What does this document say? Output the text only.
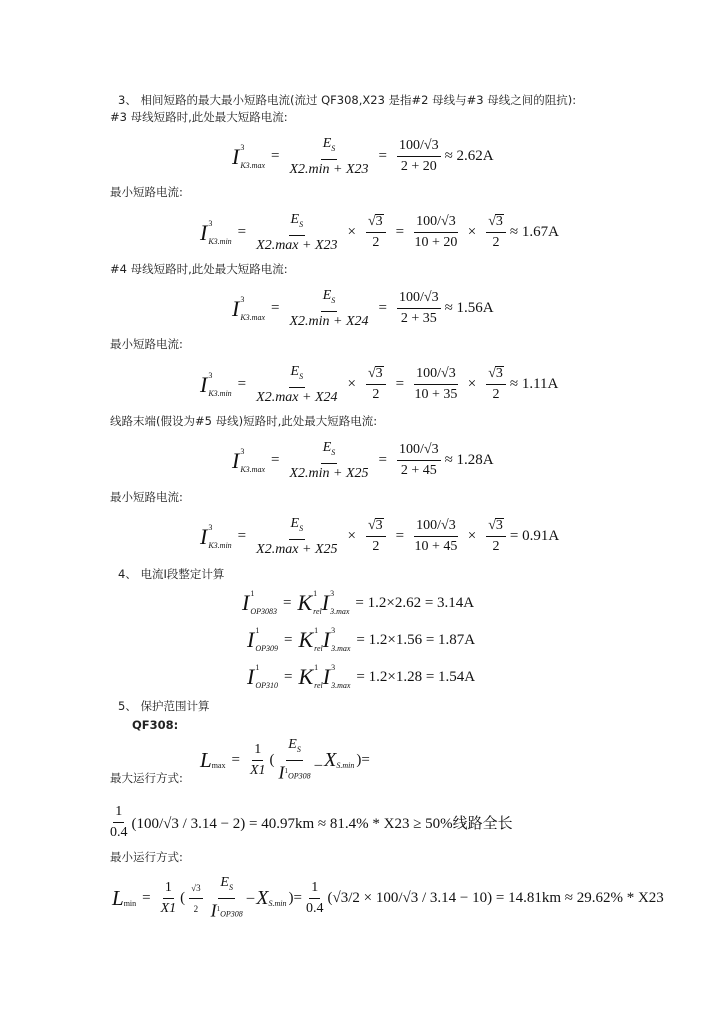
3、 相间短路的最大最小短路电流(流过 QF308,X23 是指#2 母线与#3 母线之间的阻抗):
#3 母线短路时,此处最大短路电流:
I 3
K3.max
= $\frac{E_S}{X2.\min + X23} = \frac{100/√3}{2 + 20} \approx 2.62A$
最小短路电流:
I 3
K3.min
= $\frac{E_S}{X2.\max + X23} \times \frac{√3}{2} = \frac{100/√3}{10 + 20} \times \frac{√3}{2} \approx 1.67A$
#4 母线短路时,此处最大短路电流:
I 3
K3.max
= $\frac{E_S}{X2.\min + X24} = \frac{100/√3}{2 + 35} \approx 1.56A$
最小短路电流:
I 3
K3.min
= $\frac{E_S}{X2.\max + X24} \times \frac{√3}{2} = \frac{100/√3}{10 + 35} \times \frac{√3}{2} \approx 1.11A$
线路末端(假设为#5 母线)短路时,此处最大短路电流:
I 3
K3.max
= $\frac{E_S}{X2.\min + X25} = \frac{100/√3}{2 + 45} \approx 1.28A$
最小短路电流:
I 3
K3.min
= $\frac{E_S}{X2.\max + X25} \times \frac{√3}{2} = \frac{100/√3}{10 + 45} \times \frac{√3}{2} = 0.91A$
4、 电流Ⅰ段整定计算
I 1
OP3083
= K 1
rel I 3
3.max
= 1.2×2.62 = 3.14A
I 1
OP309
= K 1
rel I 3
3.max
= 1.2×1.56 = 1.87A
I 1
OP310
= K 1
rel I 3
3.max
= 1.2×1.28 = 1.54A
5、 保护范围计算
QF308:
L $\max = \frac{1}{X1}$ ( $\frac{E_S}{I^1OP308}$ _ X S.min )=
最大运行方式:
$\frac{1}{0.4} (100/√3 / 3.14 - 2) = 40.97km \approx 81.4\% * X23 \ge 50\%$线路全长
最小运行方式:
L $\min = \frac{1}{X1}$ ( $\frac{√3}{2} \frac{E_S}{I^1OP308}$ – X S.min )= $\frac{1}{0.4} (√3/2 \times 100/√3 / 3.14 - 10) = 14.81km \approx 29.62\% * X23$
